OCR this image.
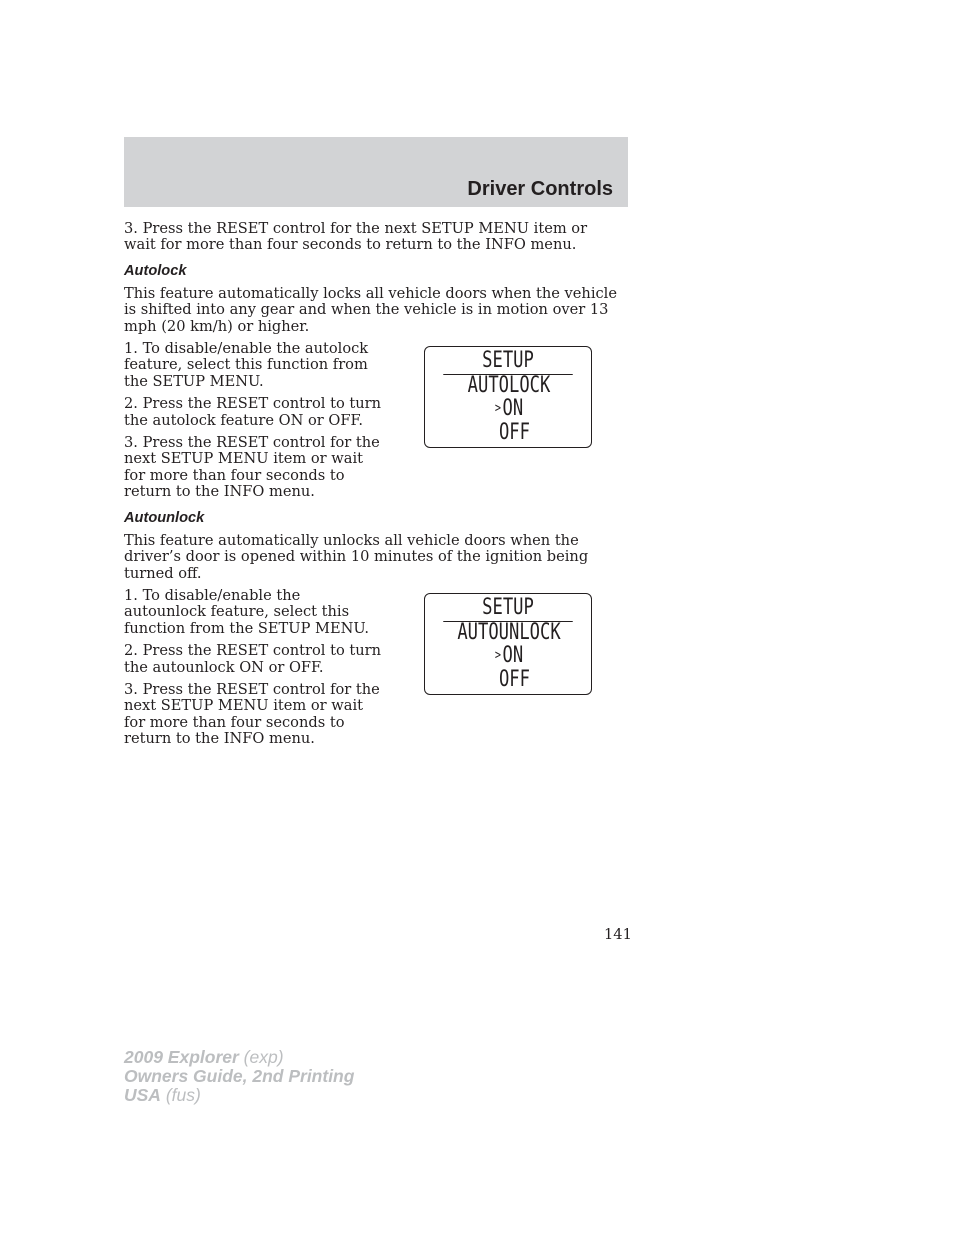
Driver Controls

3. Press the RESET control for the next SETUP MENU item or wait for more than four seconds to return to the INFO menu.

Autolock

This feature automatically locks all vehicle doors when the vehicle is shifted into any gear and when the vehicle is in motion over 13 mph (20 km/h) or higher.

SETUP
AUTOLOCK
>ON
OFF

1. To disable/enable the autolock feature, select this function from the SETUP MENU.

2. Press the RESET control to turn the autolock feature ON or OFF.

3. Press the RESET control for the next SETUP MENU item or wait for more than four seconds to return to the INFO menu.

Autounlock

This feature automatically unlocks all vehicle doors when the driver’s door is opened within 10 minutes of the ignition being turned off.

SETUP
AUTOUNLOCK
>ON
OFF

1. To disable/enable the autounlock feature, select this function from the SETUP MENU.

2. Press the RESET control to turn the autounlock ON or OFF.

3. Press the RESET control for the next SETUP MENU item or wait for more than four seconds to return to the INFO menu.

141
2009 Explorer (exp)
Owners Guide, 2nd Printing
USA (fus)
